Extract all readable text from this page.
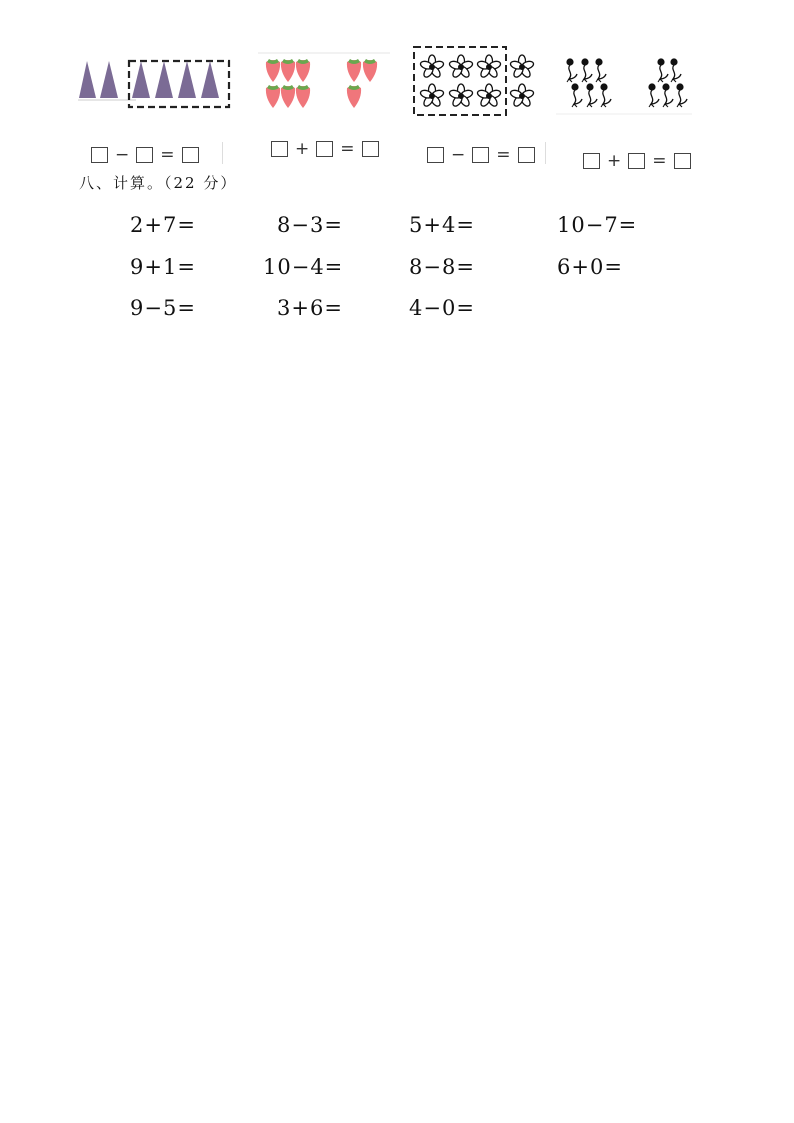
− =	+ =	− =	+ =
八、计算。（22 分）
2+7=	8−3=	5+4=	10−7=
9+1=	10−4=	8−8=	6+0=
9−5=	3+6=	4−0=
